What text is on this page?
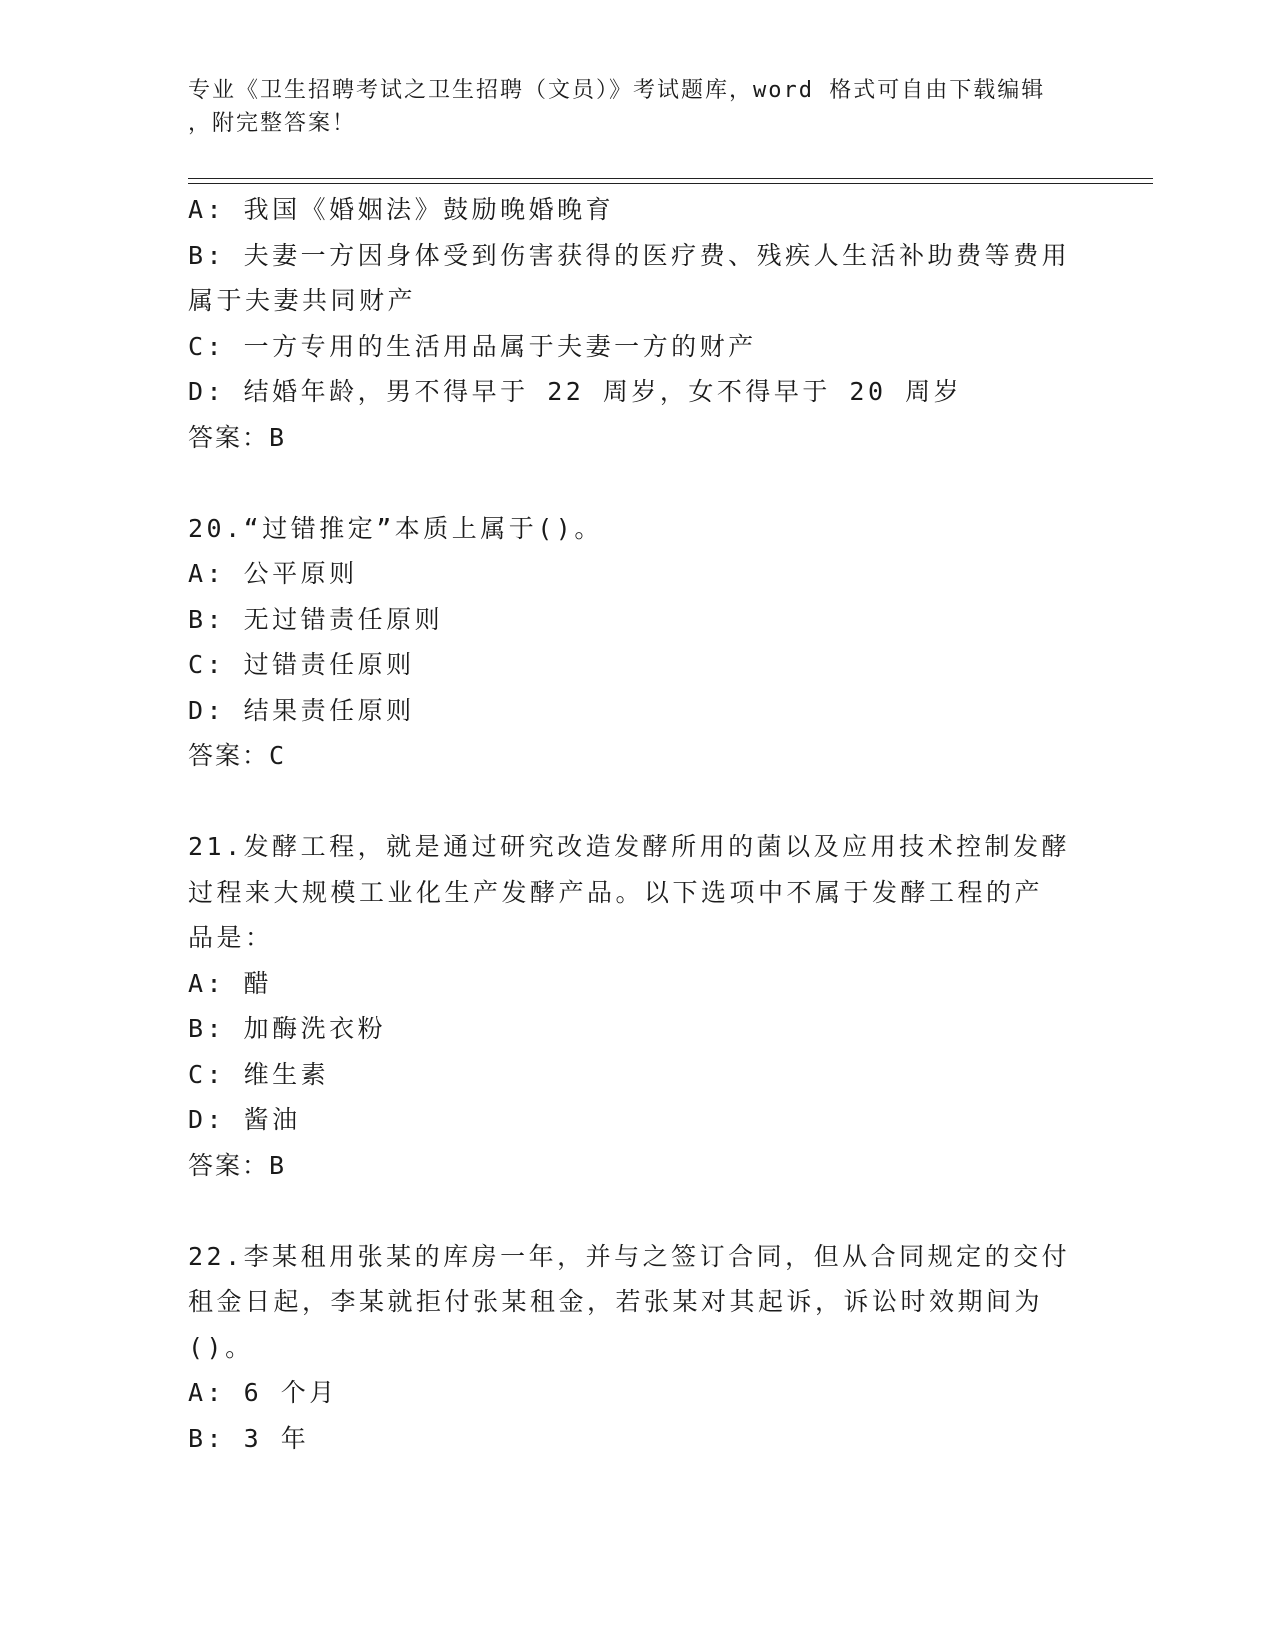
专业《卫生招聘考试之卫生招聘（文员）》考试题库，word 格式可自由下载编辑
，附完整答案！
A: 我国《婚姻法》鼓励晚婚晚育
B: 夫妻一方因身体受到伤害获得的医疗费、残疾人生活补助费等费用
属于夫妻共同财产
C: 一方专用的生活用品属于夫妻一方的财产
D: 结婚年龄，男不得早于 22 周岁，女不得早于 20 周岁
答案：B
20.“过错推定”本质上属于()。
A: 公平原则
B: 无过错责任原则
C: 过错责任原则
D: 结果责任原则
答案：C
21.发酵工程，就是通过研究改造发酵所用的菌以及应用技术控制发酵
过程来大规模工业化生产发酵产品。以下选项中不属于发酵工程的产
品是：
A: 醋
B: 加酶洗衣粉
C: 维生素
D: 酱油
答案：B
22.李某租用张某的库房一年，并与之签订合同，但从合同规定的交付
租金日起，李某就拒付张某租金，若张某对其起诉，诉讼时效期间为
()。
A: 6 个月
B: 3 年
